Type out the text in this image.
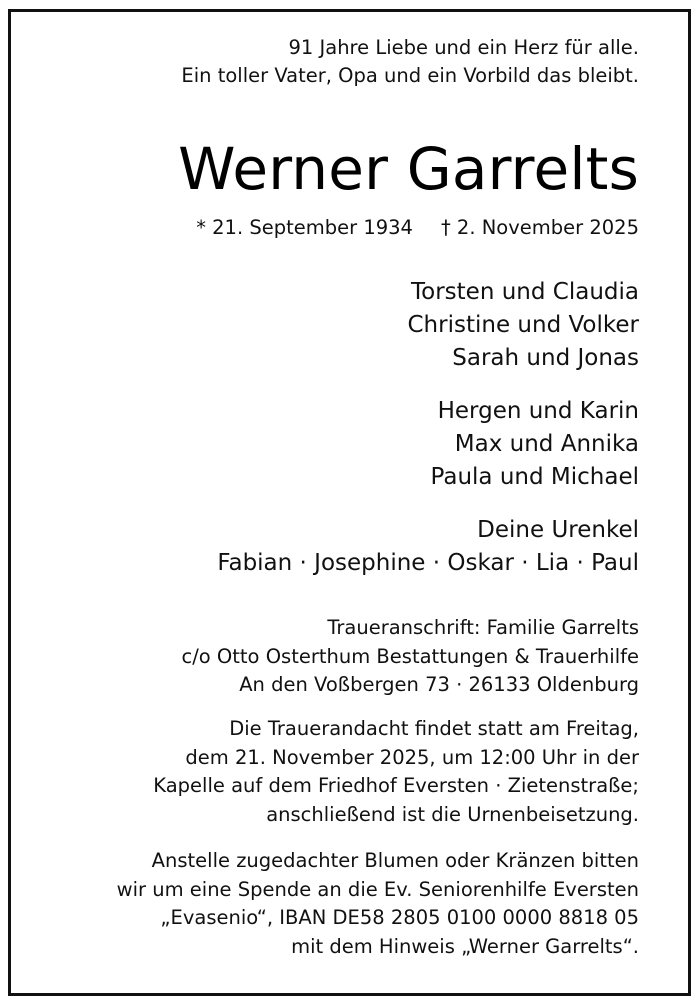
91 Jahre Liebe und ein Herz für alle.
Ein toller Vater, Opa und ein Vorbild das bleibt.
Werner Garrelts
* 21. September 1934 † 2. November 2025
Torsten und Claudia
Christine und Volker
Sarah und Jonas
Hergen und Karin
Max und Annika
Paula und Michael
Deine Urenkel
Fabian · Josephine · Oskar · Lia · Paul
Traueranschrift: Familie Garrelts
c/o Otto Osterthum Bestattungen & Trauerhilfe
An den Voßbergen 73 · 26133 Oldenburg
Die Trauerandacht findet statt am Freitag,
dem 21. November 2025, um 12:00 Uhr in der
Kapelle auf dem Friedhof Eversten · Zietenstraße;
anschließend ist die Urnenbeisetzung.
Anstelle zugedachter Blumen oder Kränzen bitten
wir um eine Spende an die Ev. Seniorenhilfe Eversten
„Evasenio“, IBAN DE58 2805 0100 0000 8818 05
mit dem Hinweis „Werner Garrelts“.
